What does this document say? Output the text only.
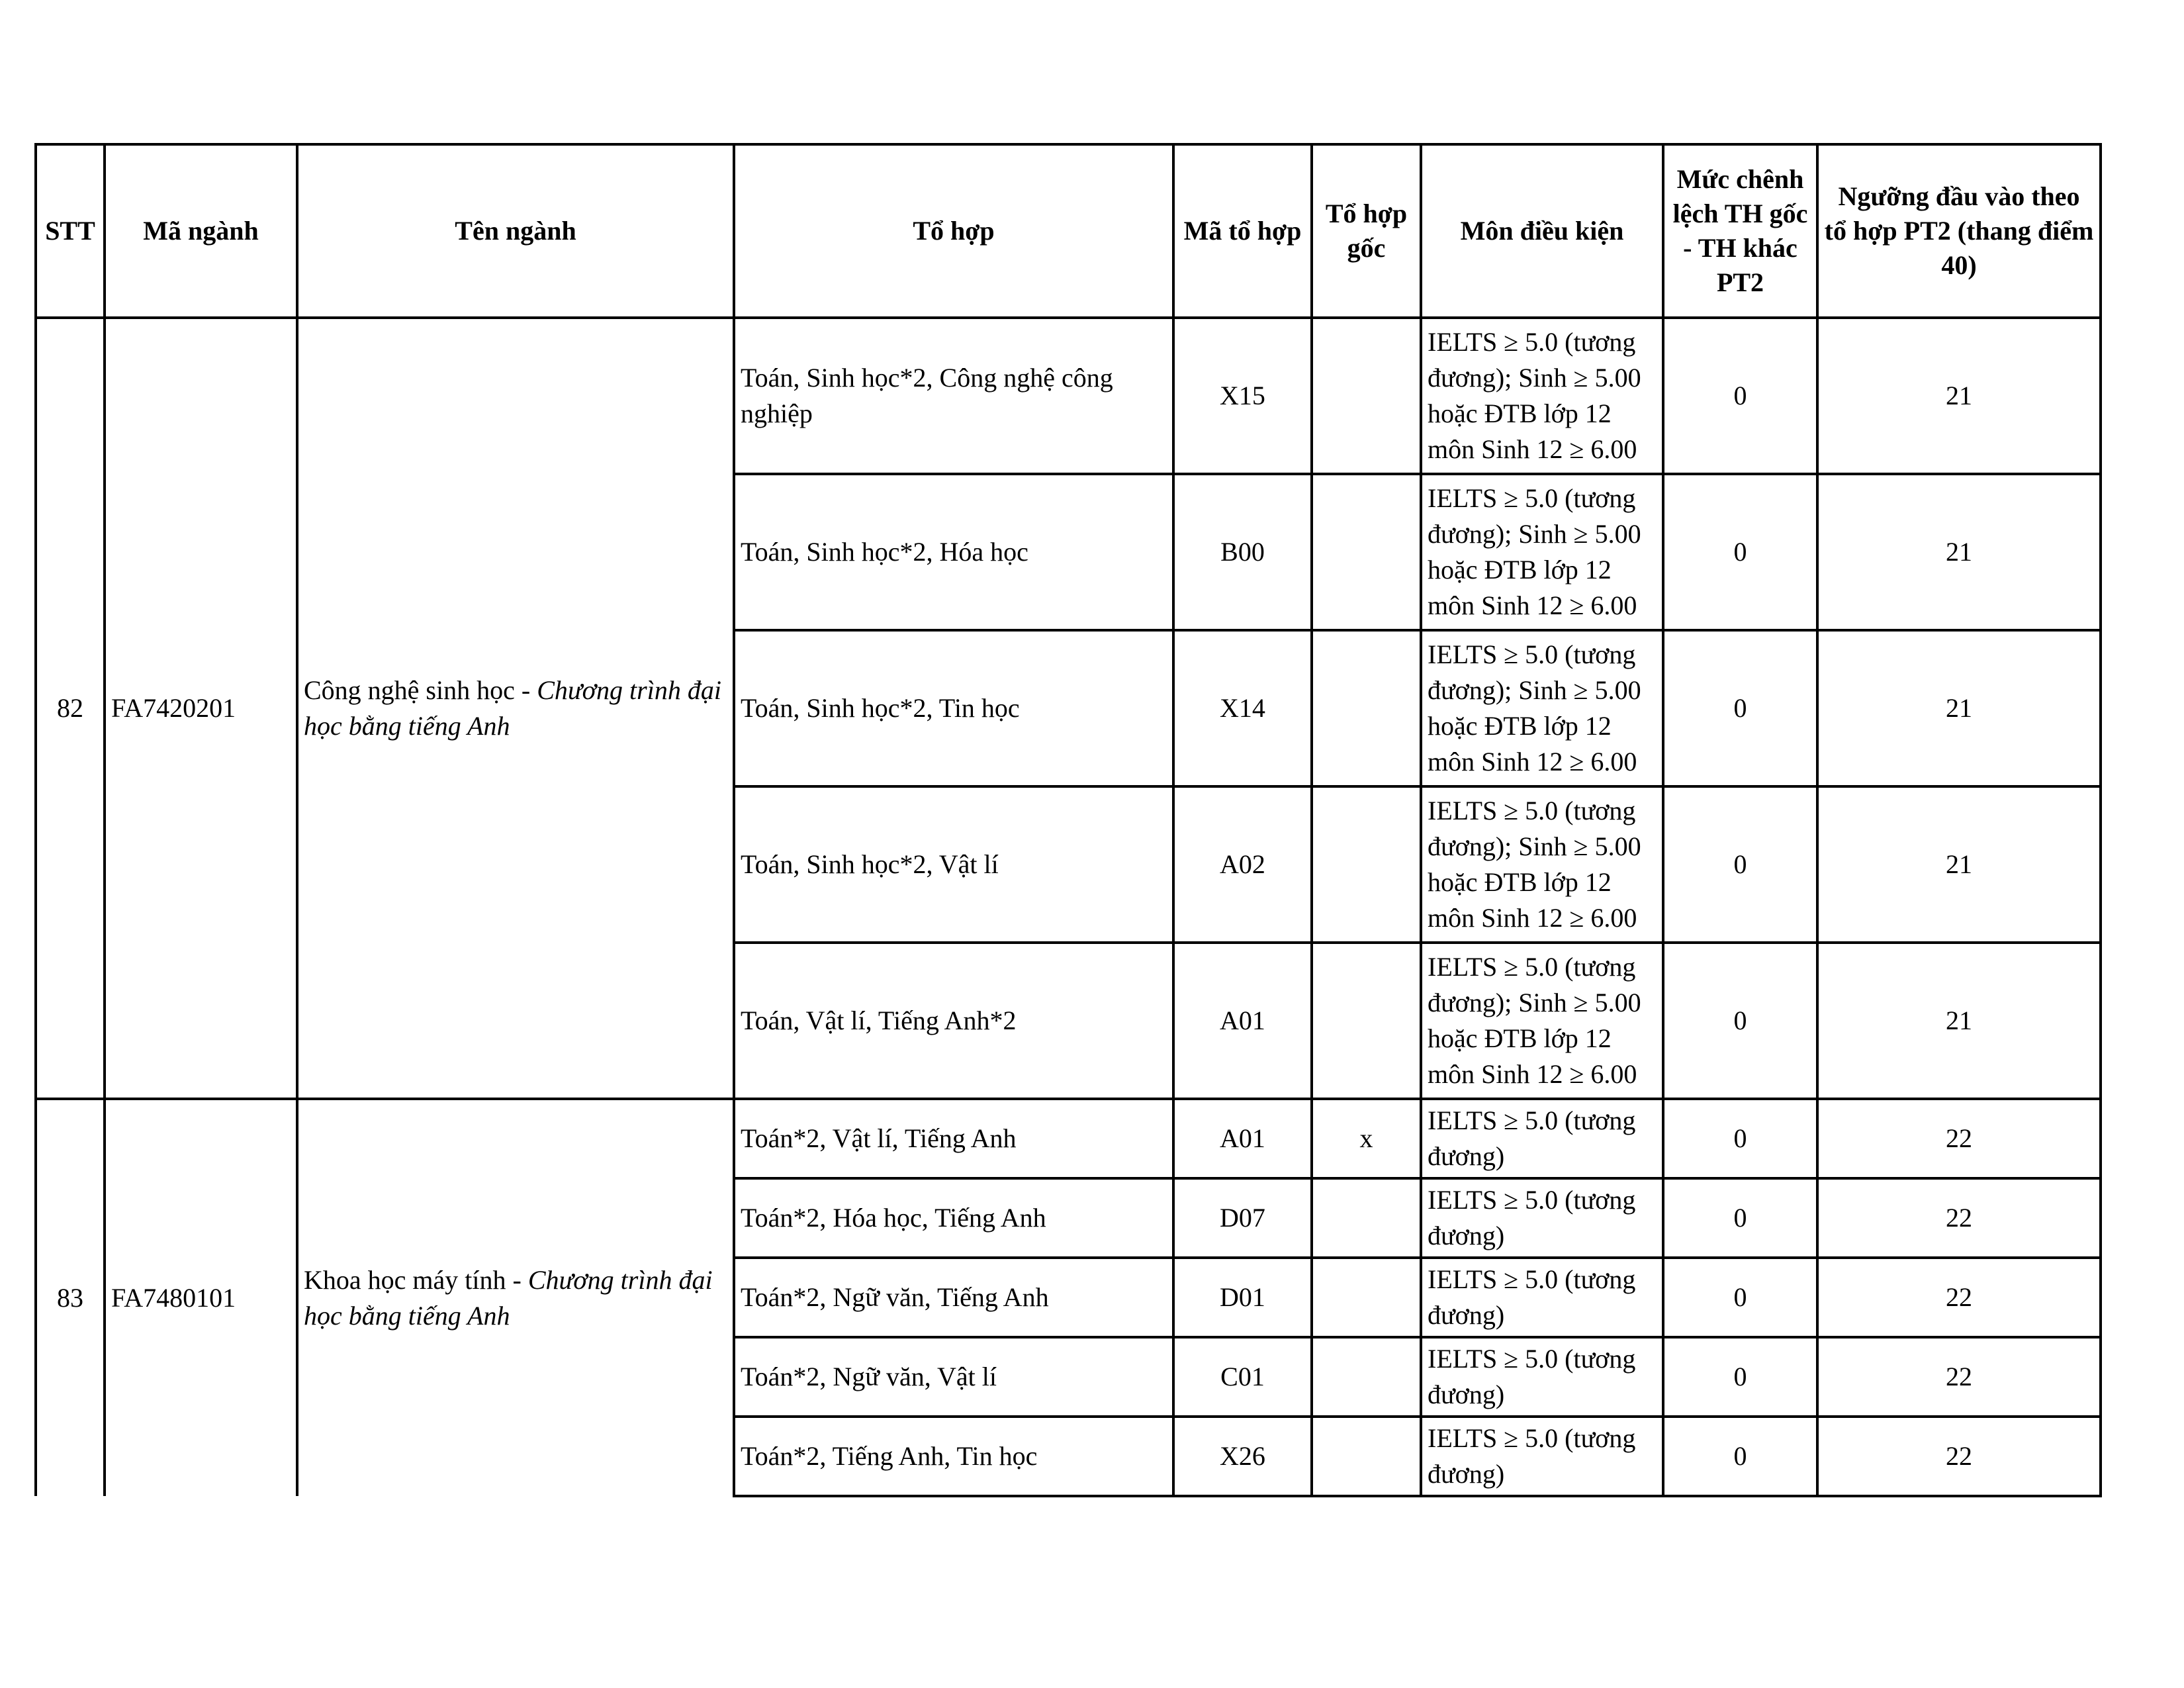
STT	Mã ngành	Tên ngành	Tổ hợp	Mã tổ hợp	Tổ hợp gốc	Môn điều kiện	Mức chênh lệch TH gốc - TH khác PT2	Ngưỡng đầu vào theo tổ hợp PT2 (thang điểm 40)
82	FA7420201	Công nghệ sinh học - Chương trình đại học bằng tiếng Anh	Toán, Sinh học*2, Công nghệ công nghiệp	X15		IELTS ≥ 5.0 (tương đương); Sinh ≥ 5.00 hoặc ĐTB lớp 12 môn Sinh 12 ≥ 6.00	0	21
			Toán, Sinh học*2, Hóa học	B00		IELTS ≥ 5.0 (tương đương); Sinh ≥ 5.00 hoặc ĐTB lớp 12 môn Sinh 12 ≥ 6.00	0	21
			Toán, Sinh học*2, Tin học	X14		IELTS ≥ 5.0 (tương đương); Sinh ≥ 5.00 hoặc ĐTB lớp 12 môn Sinh 12 ≥ 6.00	0	21
			Toán, Sinh học*2, Vật lí	A02		IELTS ≥ 5.0 (tương đương); Sinh ≥ 5.00 hoặc ĐTB lớp 12 môn Sinh 12 ≥ 6.00	0	21
			Toán, Vật lí, Tiếng Anh*2	A01		IELTS ≥ 5.0 (tương đương); Sinh ≥ 5.00 hoặc ĐTB lớp 12 môn Sinh 12 ≥ 6.00	0	21
83	FA7480101	Khoa học máy tính - Chương trình đại học bằng tiếng Anh	Toán*2, Vật lí, Tiếng Anh	A01	x	IELTS ≥ 5.0 (tương đương)	0	22
			Toán*2, Hóa học, Tiếng Anh	D07		IELTS ≥ 5.0 (tương đương)	0	22
			Toán*2, Ngữ văn, Tiếng Anh	D01		IELTS ≥ 5.0 (tương đương)	0	22
			Toán*2, Ngữ văn, Vật lí	C01		IELTS ≥ 5.0 (tương đương)	0	22
			Toán*2, Tiếng Anh, Tin học	X26		IELTS ≥ 5.0 (tương đương)	0	22
